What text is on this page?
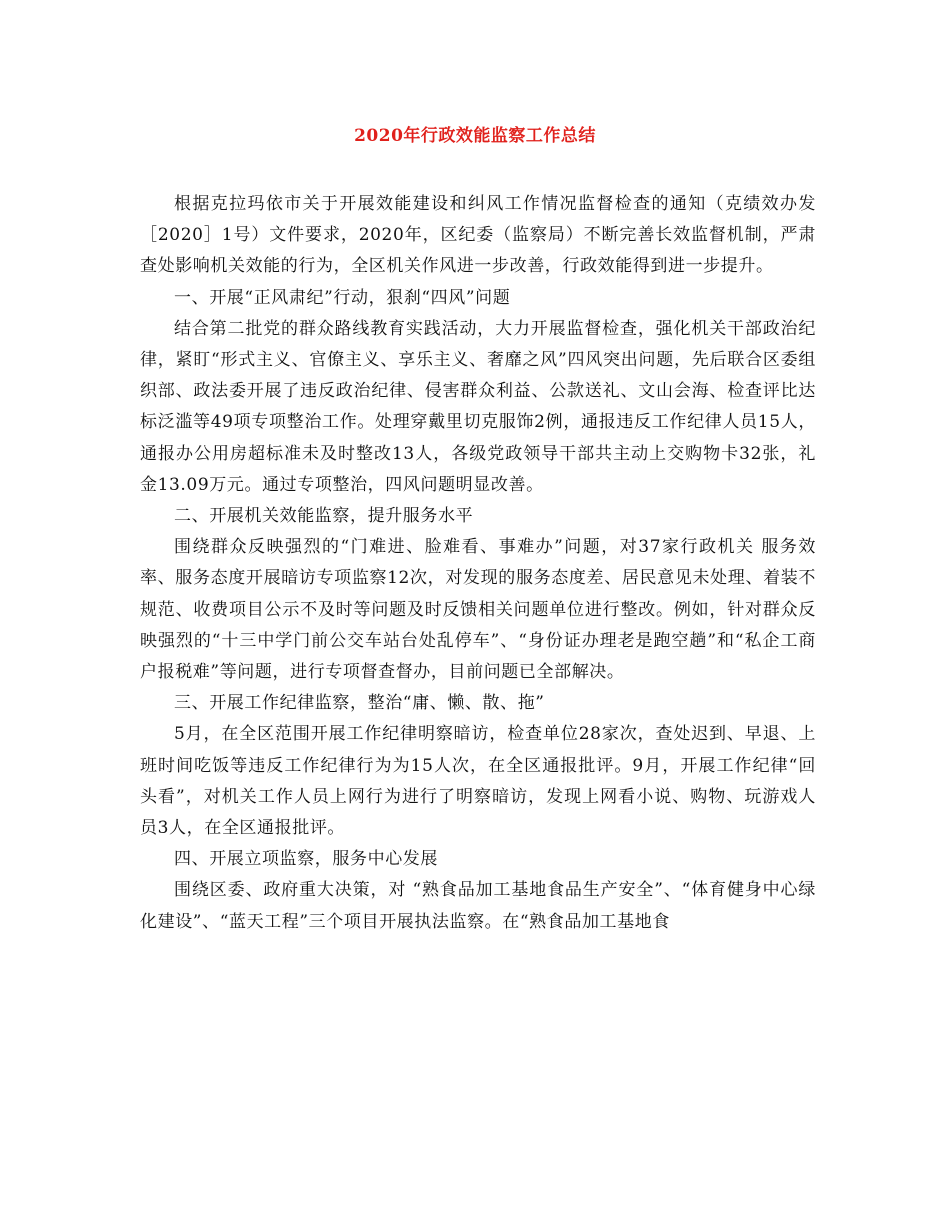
2020年行政效能监察工作总结

根据克拉玛依市关于开展效能建设和纠风工作情况监督检查的通知（克绩效办发［2020］1号）文件要求，2020年，区纪委（监察局）不断完善长效监督机制，严肃查处影响机关效能的行为，全区机关作风进一步改善，行政效能得到进一步提升。

一、开展“正风肃纪”行动，狠刹“四风”问题

结合第二批党的群众路线教育实践活动，大力开展监督检查，强化机关干部政治纪律，紧盯“形式主义、官僚主义、享乐主义、奢靡之风”四风突出问题，先后联合区委组织部、政法委开展了违反政治纪律、侵害群众利益、公款送礼、文山会海、检查评比达标泛滥等49项专项整治工作。处理穿戴里切克服饰2例，通报违反工作纪律人员15人，通报办公用房超标准未及时整改13人，各级党政领导干部共主动上交购物卡32张，礼金13.09万元。通过专项整治，四风问题明显改善。

二、开展机关效能监察，提升服务水平

围绕群众反映强烈的“门难进、脸难看、事难办”问题，对37家行政机关 服务效率、服务态度开展暗访专项监察12次，对发现的服务态度差、居民意见未处理、着装不规范、收费项目公示不及时等问题及时反馈相关问题单位进行整改。例如，针对群众反映强烈的“十三中学门前公交车站台处乱停车”、“身份证办理老是跑空趟”和“私企工商户报税难”等问题，进行专项督查督办，目前问题已全部解决。

三、开展工作纪律监察，整治“庸、懒、散、拖”

5月，在全区范围开展工作纪律明察暗访，检查单位28家次，查处迟到、早退、上班时间吃饭等违反工作纪律行为为15人次，在全区通报批评。9月，开展工作纪律“回头看”，对机关工作人员上网行为进行了明察暗访，发现上网看小说、购物、玩游戏人员3人，在全区通报批评。

四、开展立项监察，服务中心发展

围绕区委、政府重大决策，对 “熟食品加工基地食品生产安全”、“体育健身中心绿化建设”、“蓝天工程”三个项目开展执法监察。在“熟食品加工基地食
